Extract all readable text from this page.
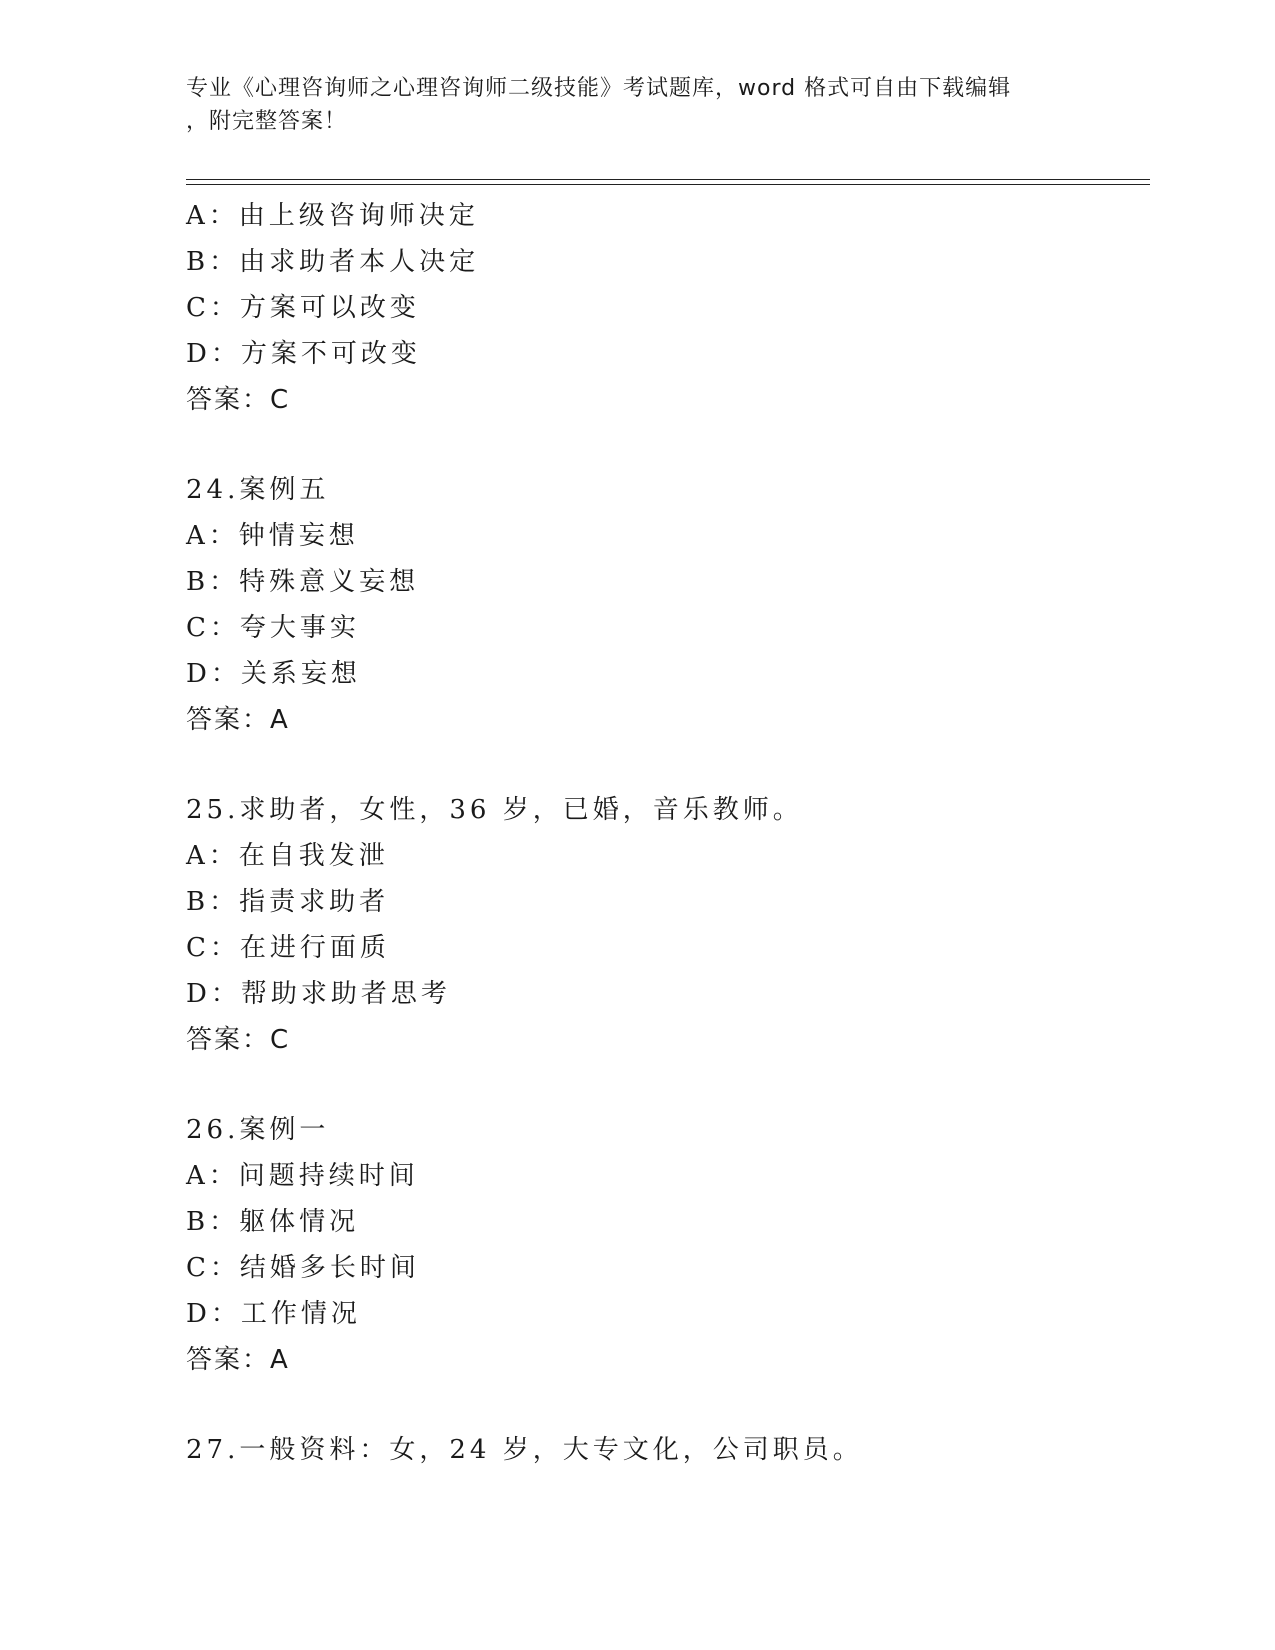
专业《心理咨询师之心理咨询师二级技能》考试题库，word 格式可自由下载编辑
，附完整答案！
A：由上级咨询师决定
B：由求助者本人决定
C：方案可以改变
D：方案不可改变
答案：C
24.案例五
A：钟情妄想
B：特殊意义妄想
C：夸大事实
D：关系妄想
答案：A
25.求助者，女性，36 岁，已婚，音乐教师。
A：在自我发泄
B：指责求助者
C：在进行面质
D：帮助求助者思考
答案：C
26.案例一
A：问题持续时间
B：躯体情况
C：结婚多长时间
D：工作情况
答案：A
27.一般资料：女，24 岁，大专文化，公司职员。
